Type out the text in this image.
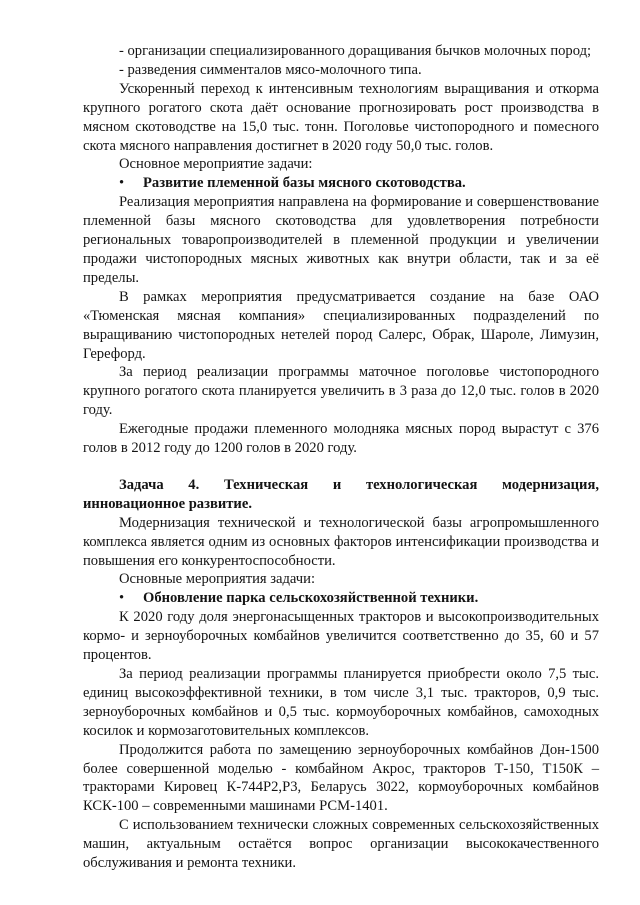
- организации специализированного доращивания бычков молочных пород;

- разведения симменталов мясо-молочного типа.

Ускоренный переход к интенсивным технологиям выращивания и откорма крупного рогатого скота даёт основание прогнозировать рост производства в мясном скотоводстве на 15,0 тыс. тонн. Поголовье чистопородного и помесного скота мясного направления достигнет в 2020 году 50,0 тыс. голов.

Основное мероприятие задачи:

• Развитие племенной базы мясного скотоводства.

Реализация мероприятия направлена на формирование и совершенствование племенной базы мясного скотоводства для удовлетворения потребности региональных товаропроизводителей в племенной продукции и увеличении продажи чистопородных мясных животных как внутри области, так и за её пределы.

В рамках мероприятия предусматривается создание на базе ОАО «Тюменская мясная компания» специализированных подразделений по выращиванию чистопородных нетелей пород Салерс, Обрак, Шароле, Лимузин, Герефорд.

За период реализации программы маточное поголовье чистопородного крупного рогатого скота планируется увеличить в 3 раза до 12,0 тыс. голов в 2020 году.

Ежегодные продажи племенного молодняка мясных пород вырастут с 376 голов в 2012 году до 1200 голов в 2020 году.

Задача 4. Техническая и технологическая модернизация, инновационное развитие.

Модернизация технической и технологической базы агропромышленного комплекса является одним из основных факторов интенсификации производства и повышения его конкурентоспособности.

Основные мероприятия задачи:

• Обновление парка сельскохозяйственной техники.

К 2020 году доля энергонасыщенных тракторов и высокопроизводительных кормо- и зерноуборочных комбайнов увеличится соответственно до 35, 60 и 57 процентов.

За период реализации программы планируется приобрести около 7,5 тыс. единиц высокоэффективной техники, в том числе 3,1 тыс. тракторов, 0,9 тыс. зерноуборочных комбайнов и 0,5 тыс. кормоуборочных комбайнов, самоходных косилок и кормозаготовительных комплексов.

Продолжится работа по замещению зерноуборочных комбайнов Дон-1500 более совершенной моделью - комбайном Акрос, тракторов Т-150, Т150К – тракторами Кировец К-744Р2,Р3, Беларусь 3022, кормоуборочных комбайнов КСК-100 – современными машинами РСМ-1401.

С использованием технически сложных современных сельскохозяйственных машин, актуальным остаётся вопрос организации высококачественного обслуживания и ремонта техники.
